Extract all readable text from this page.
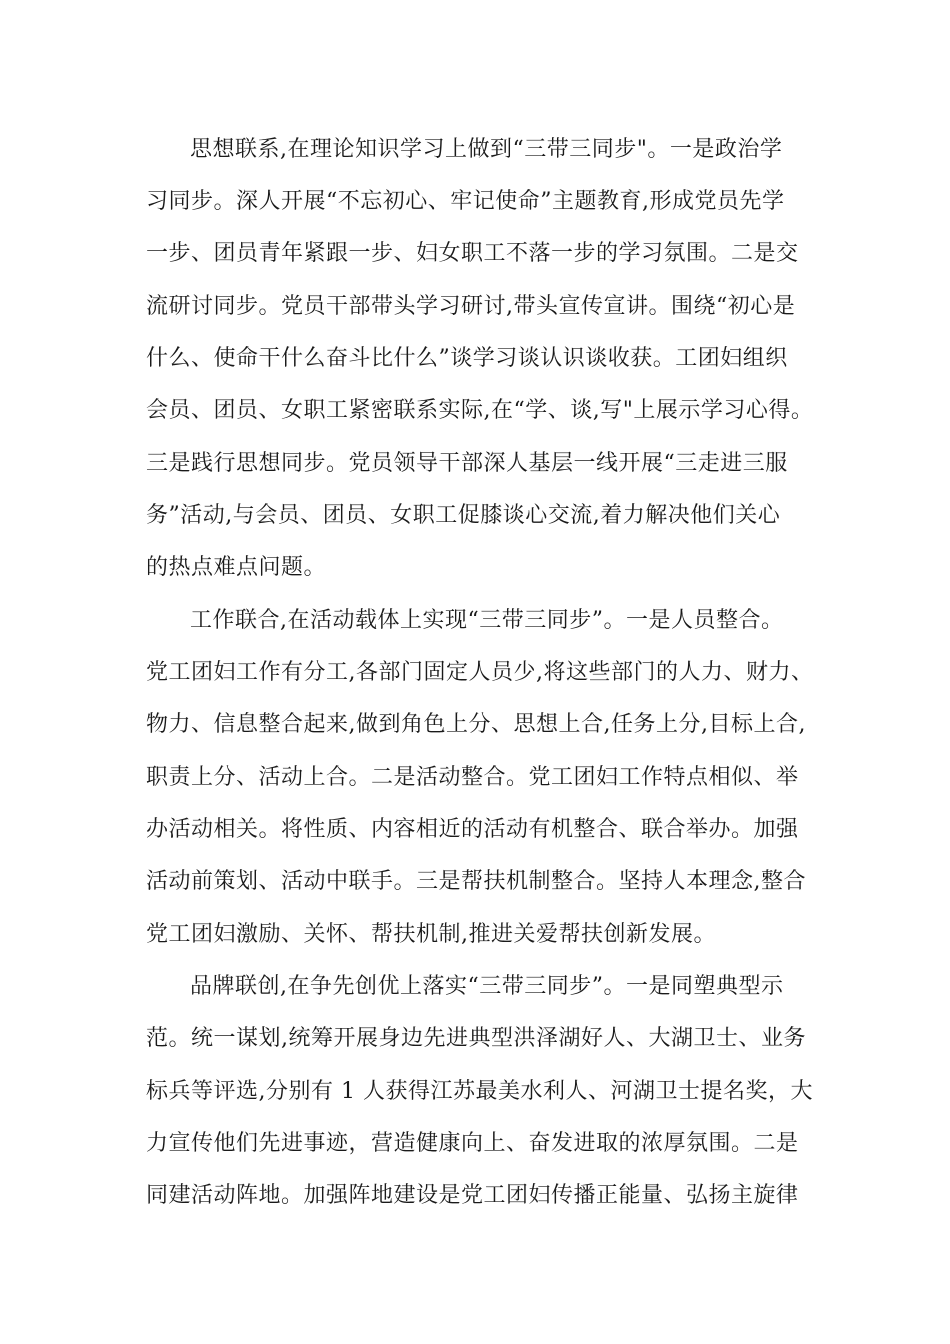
思想联系,在理论知识学习上做到“三带三同步"。一是政治学
习同步。深人开展“不忘初心、牢记使命”主题教育,形成党员先学
一步、团员青年紧跟一步、妇女职工不落一步的学习氛围。二是交
流研讨同步。党员干部带头学习研讨,带头宣传宣讲。围绕“初心是
什么、使命干什么奋斗比什么”谈学习谈认识谈收获。工团妇组织
会员、团员、女职工紧密联系实际,在“学、谈,写"上展示学习心得。
三是践行思想同步。党员领导干部深人基层一线开展“三走进三服
务”活动,与会员、团员、女职工促膝谈心交流,着力解决他们关心
的热点难点问题。
工作联合,在活动载体上实现“三带三同步”。一是人员整合。
党工团妇工作有分工,各部门固定人员少,将这些部门的人力、财力、
物力、信息整合起来,做到角色上分、思想上合,任务上分,目标上合,
职责上分、活动上合。二是活动整合。党工团妇工作特点相似、举
办活动相关。将性质、内容相近的活动有机整合、联合举办。加强
活动前策划、活动中联手。三是帮扶机制整合。坚持人本理念,整合
党工团妇激励、关怀、帮扶机制,推进关爱帮扶创新发展。
品牌联创,在争先创优上落实“三带三同步”。一是同塑典型示
范。统一谋划,统筹开展身边先进典型洪泽湖好人、大湖卫士、业务
标兵等评选,分别有 1 人获得江苏最美水利人、河湖卫士提名奖，大
力宣传他们先进事迹，营造健康向上、奋发进取的浓厚氛围。二是
同建活动阵地。加强阵地建设是党工团妇传播正能量、弘扬主旋律
